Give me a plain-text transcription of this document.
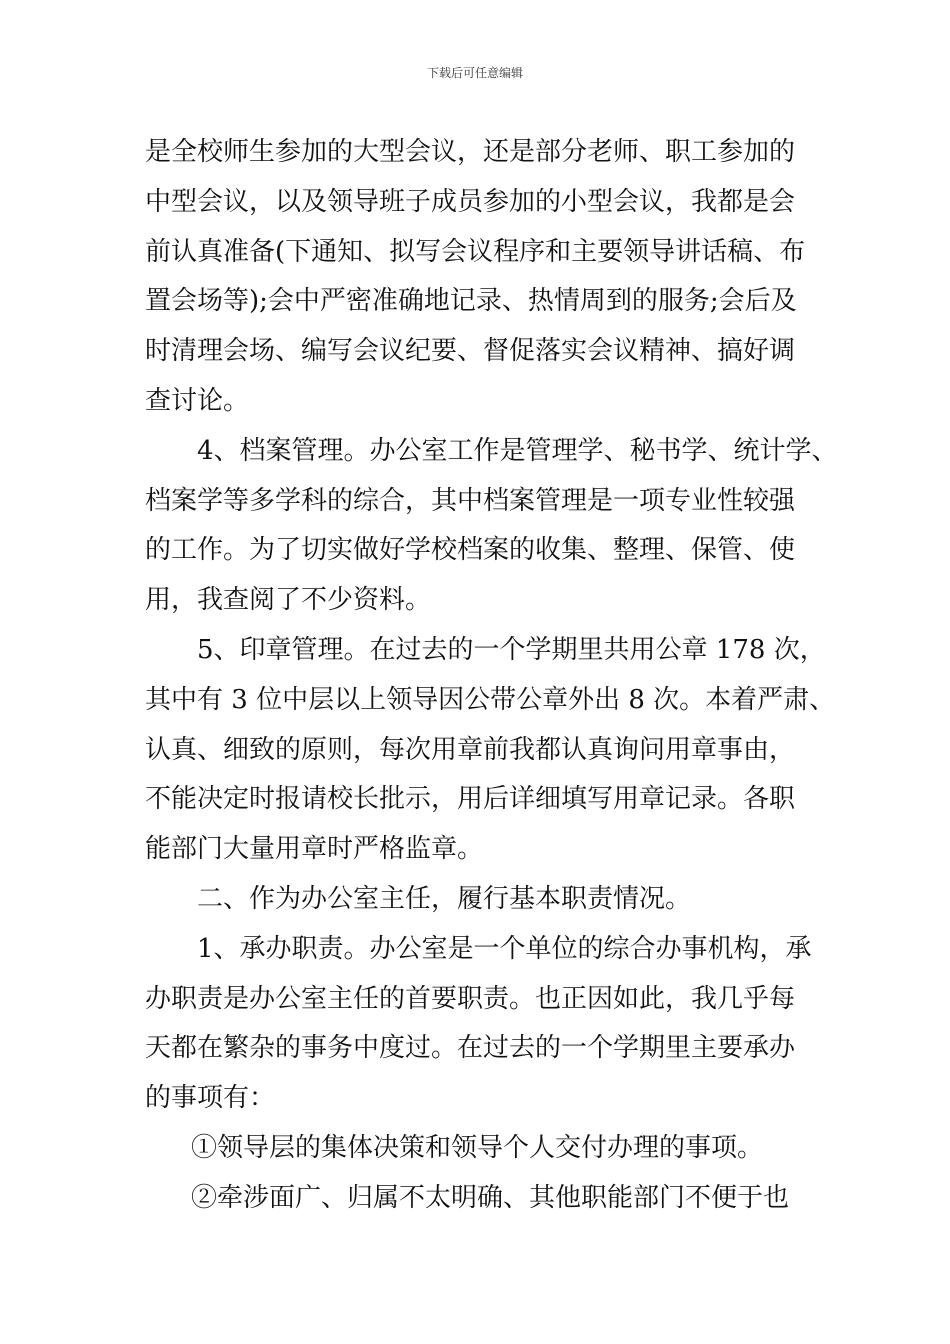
下载后可任意编辑
是全校师生参加的大型会议，还是部分老师、职工参加的
中型会议，以及领导班子成员参加的小型会议，我都是会
前认真准备(下通知、拟写会议程序和主要领导讲话稿、布
置会场等);会中严密准确地记录、热情周到的服务;会后及
时清理会场、编写会议纪要、督促落实会议精神、搞好调
查讨论。
4、档案管理。办公室工作是管理学、秘书学、统计学、
档案学等多学科的综合，其中档案管理是一项专业性较强
的工作。为了切实做好学校档案的收集、整理、保管、使
用，我查阅了不少资料。
5、印章管理。在过去的一个学期里共用公章 178 次，
其中有 3 位中层以上领导因公带公章外出 8 次。本着严肃、
认真、细致的原则，每次用章前我都认真询问用章事由，
不能决定时报请校长批示，用后详细填写用章记录。各职
能部门大量用章时严格监章。
二、作为办公室主任，履行基本职责情况。
1、承办职责。办公室是一个单位的综合办事机构，承
办职责是办公室主任的首要职责。也正因如此，我几乎每
天都在繁杂的事务中度过。在过去的一个学期里主要承办
的事项有：
①领导层的集体决策和领导个人交付办理的事项。
②牵涉面广、归属不太明确、其他职能部门不便于也
